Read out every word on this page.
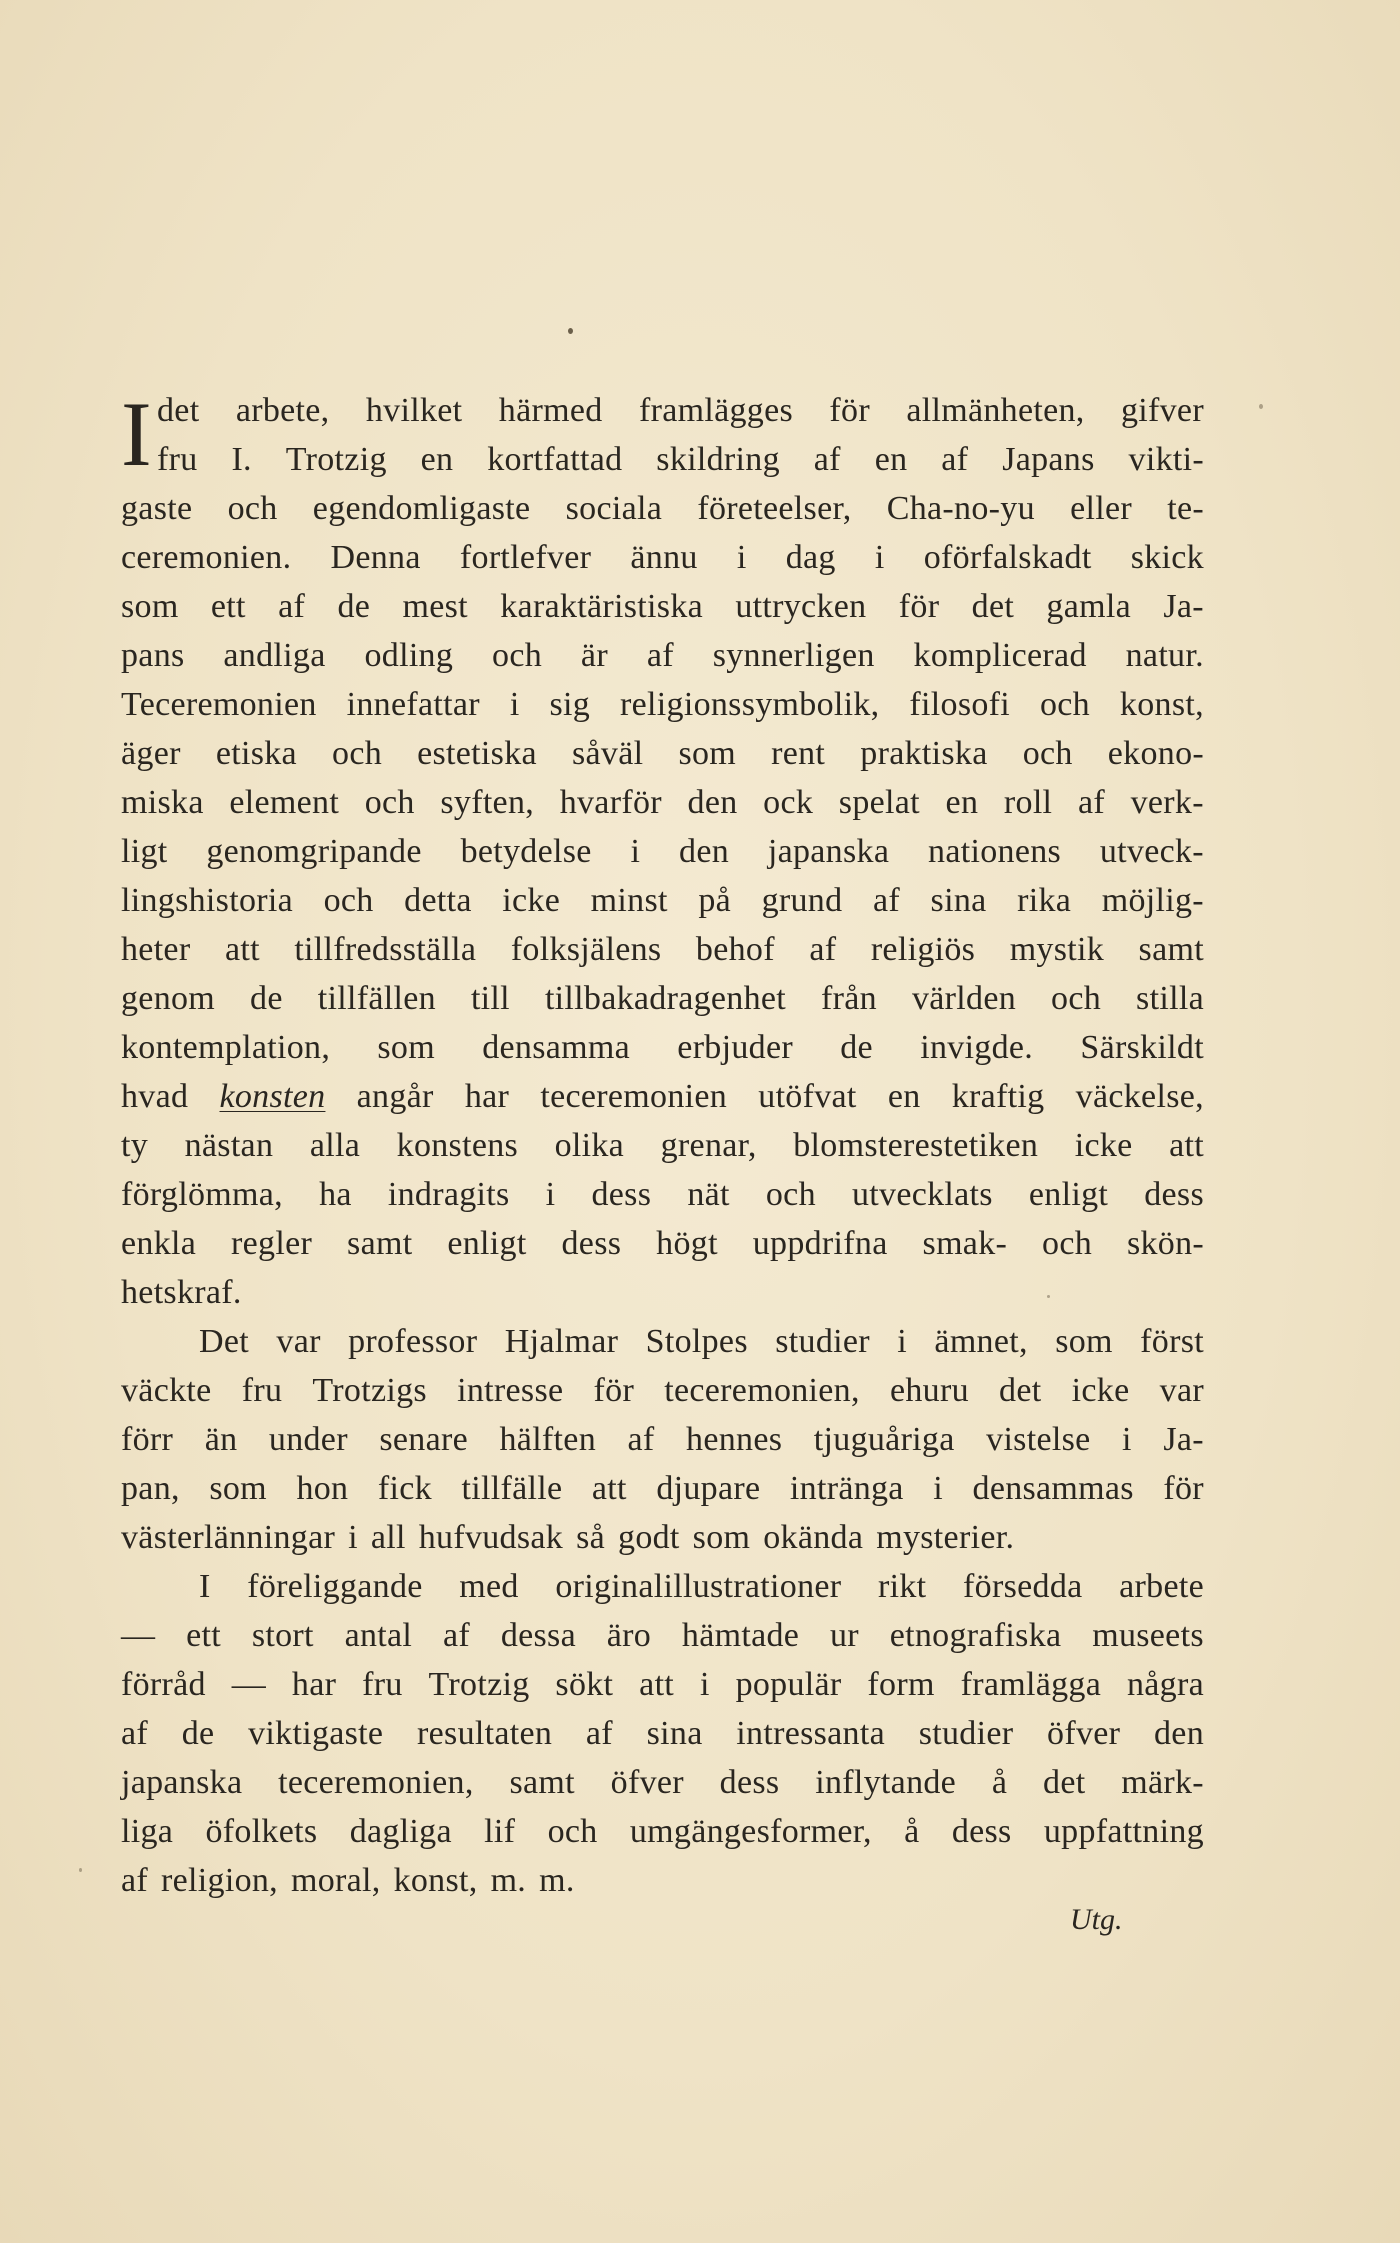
I det arbete, hvilket härmed framlägges för allmänheten, gifver
fru I. Trotzig en kortfattad skildring af en af Japans vikti-
gaste och egendomligaste sociala företeelser, Cha-no-yu eller te-
ceremonien. Denna fortlefver ännu i dag i oförfalskadt skick
som ett af de mest karaktäristiska uttrycken för det gamla Ja-
pans andliga odling och är af synnerligen komplicerad natur.
Teceremonien innefattar i sig religionssymbolik, filosofi och konst,
äger etiska och estetiska såväl som rent praktiska och ekono-
miska element och syften, hvarför den ock spelat en roll af verk-
ligt genomgripande betydelse i den japanska nationens utveck-
lingshistoria och detta icke minst på grund af sina rika möjlig-
heter att tillfredsställa folksjälens behof af religiös mystik samt
genom de tillfällen till tillbakadragenhet från världen och stilla
kontemplation, som densamma erbjuder de invigde. Särskildt
hvad konsten angår har teceremonien utöfvat en kraftig väckelse,
ty nästan alla konstens olika grenar, blomsterestetiken icke att
förglömma, ha indragits i dess nät och utvecklats enligt dess
enkla regler samt enligt dess högt uppdrifna smak- och skön-
hetskraf.
Det var professor Hjalmar Stolpes studier i ämnet, som först
väckte fru Trotzigs intresse för teceremonien, ehuru det icke var
förr än under senare hälften af hennes tjuguåriga vistelse i Ja-
pan, som hon fick tillfälle att djupare intränga i densammas för
västerlänningar i all hufvudsak så godt som okända mysterier.
I föreliggande med originalillustrationer rikt försedda arbete
— ett stort antal af dessa äro hämtade ur etnografiska museets
förråd — har fru Trotzig sökt att i populär form framlägga några
af de viktigaste resultaten af sina intressanta studier öfver den
japanska teceremonien, samt öfver dess inflytande å det märk-
liga öfolkets dagliga lif och umgängesformer, å dess uppfattning
af religion, moral, konst, m. m.
Utg.
